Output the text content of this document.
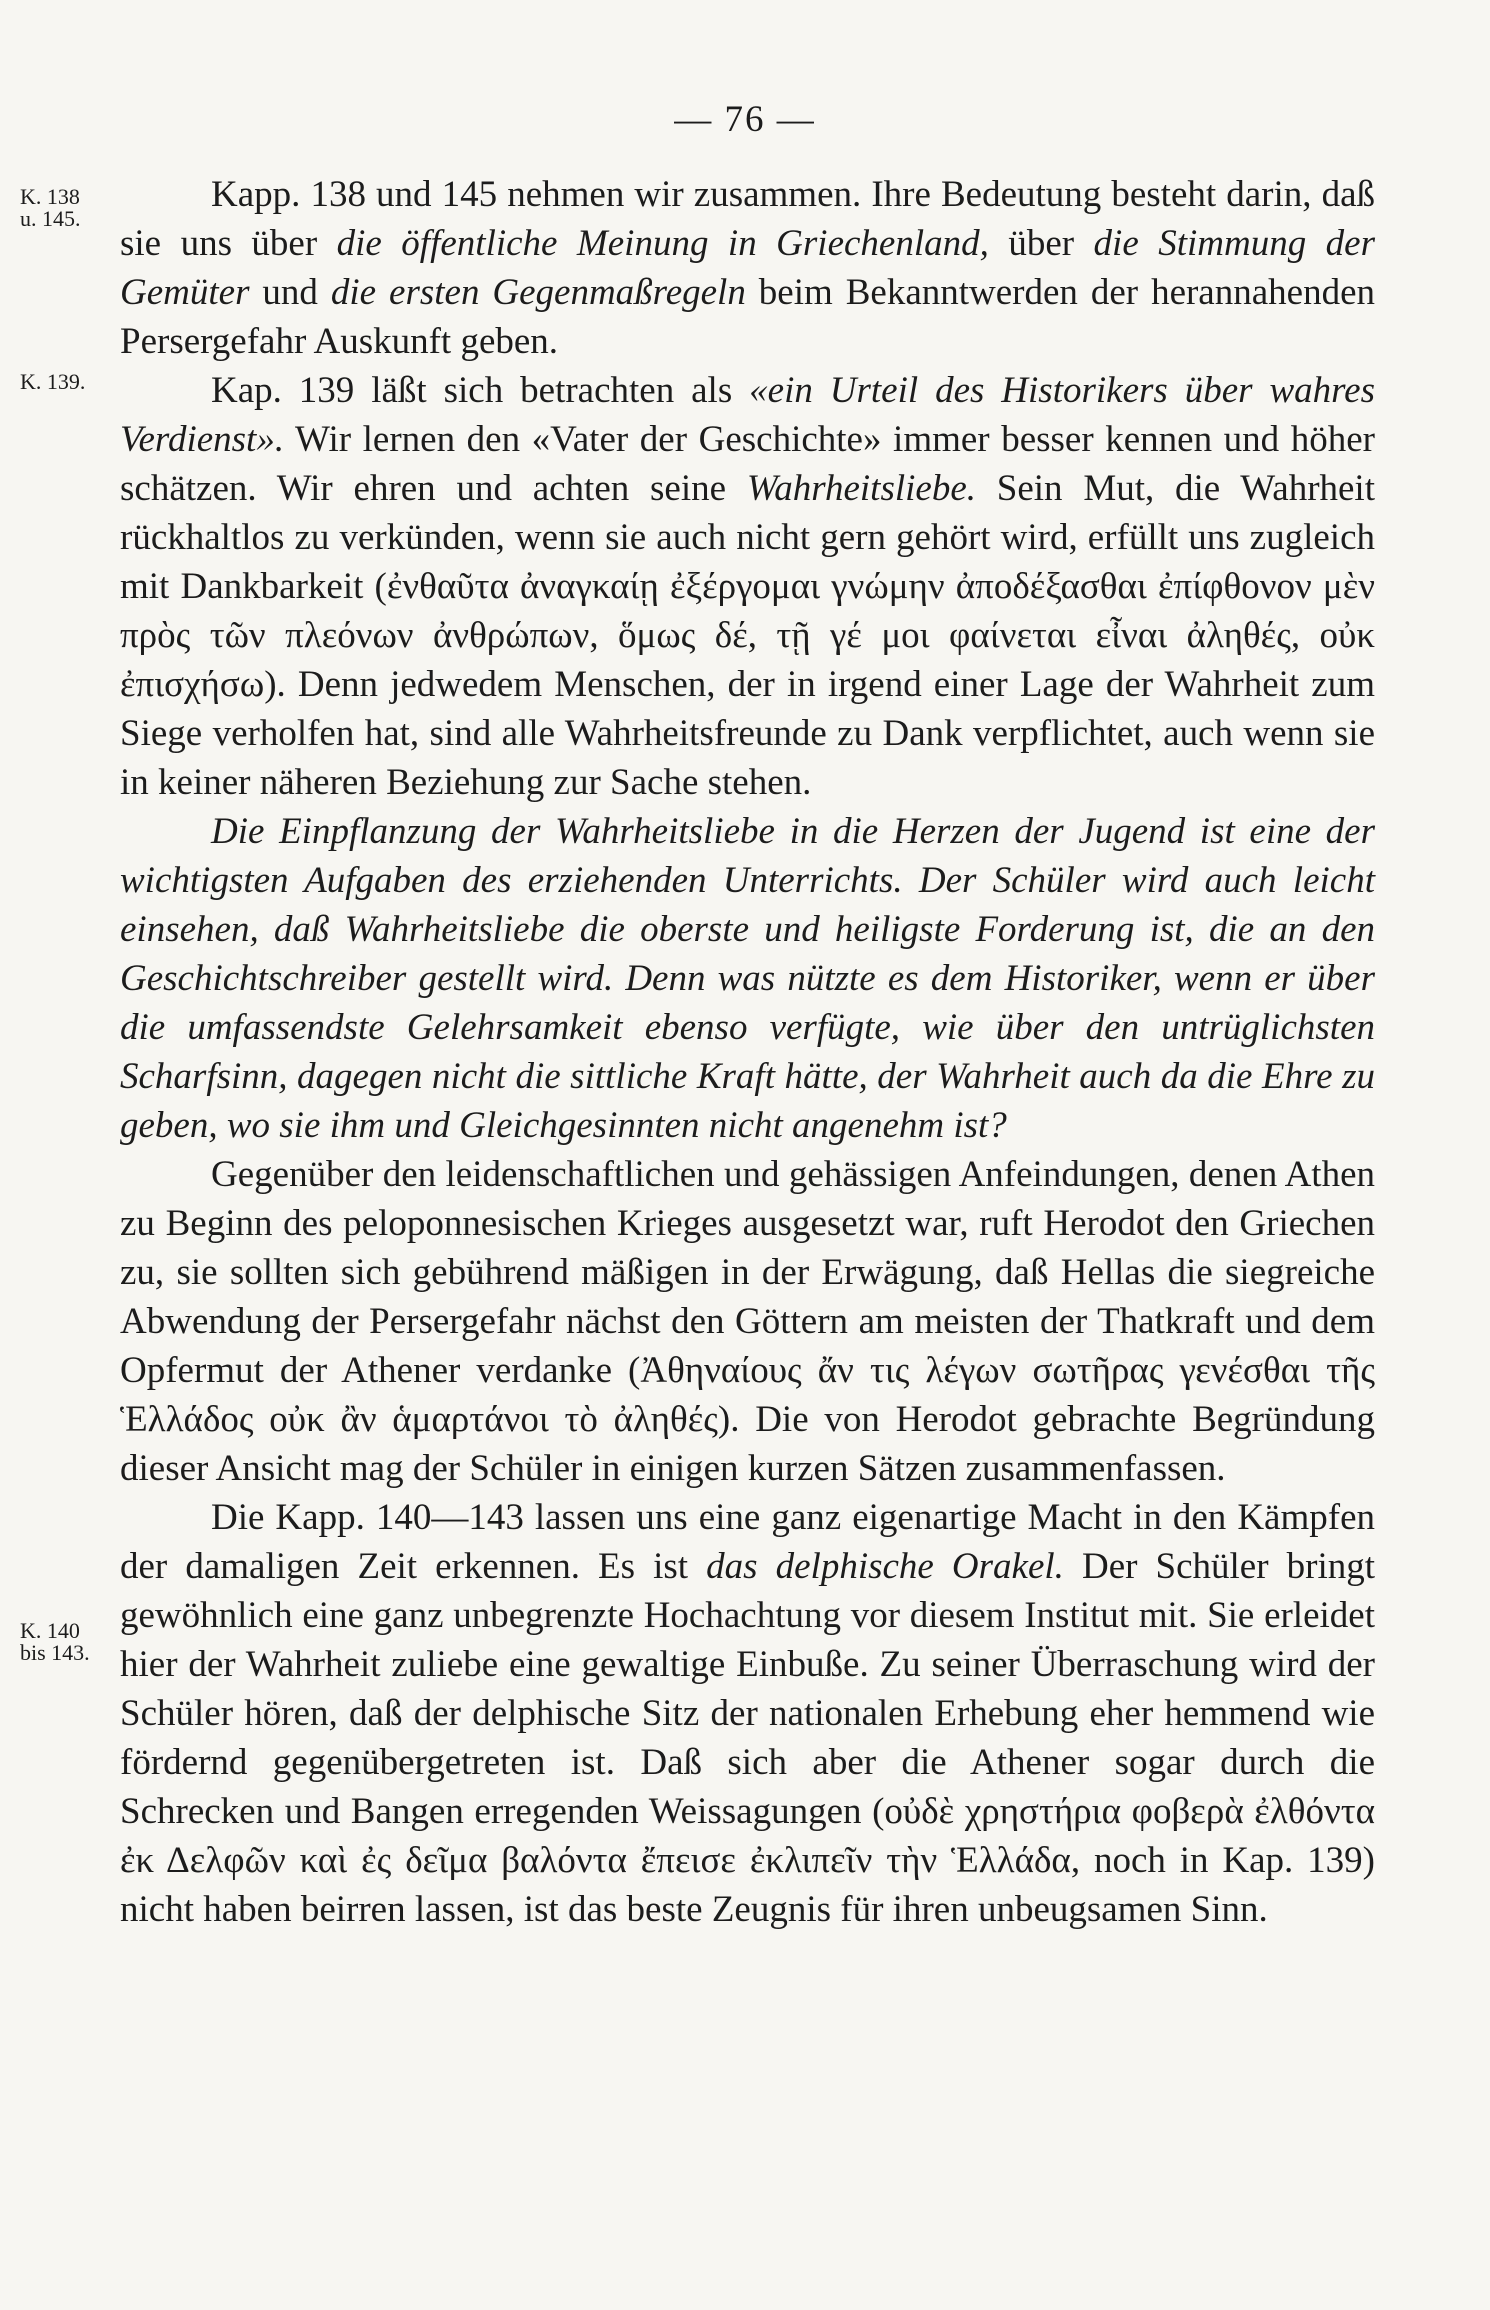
— 76 —
K. 138
u. 145.
K. 139.
K. 140
bis 143.

Kapp. 138 und 145 nehmen wir zusammen. Ihre Bedeutung besteht darin, daß sie uns über die öffentliche Meinung in Griechenland, über die Stimmung der Gemüter und die ersten Gegenmaßregeln beim Bekanntwerden der herannahenden Persergefahr Auskunft geben.

Kap. 139 läßt sich betrachten als «ein Urteil des Historikers über wahres Verdienst». Wir lernen den «Vater der Geschichte» immer besser kennen und höher schätzen. Wir ehren und achten seine Wahrheitsliebe. Sein Mut, die Wahrheit rückhaltlos zu verkünden, wenn sie auch nicht gern gehört wird, erfüllt uns zugleich mit Dankbarkeit (ἐνθαῦτα ἀναγκαίῃ ἐξέργομαι γνώμην ἀποδέξασθαι ἐπίφθονον μὲν πρὸς τῶν πλεόνων ἀνθρώπων, ὅμως δέ, τῇ γέ μοι φαίνεται εἶναι ἀληθές, οὐκ ἐπισχήσω). Denn jedwedem Menschen, der in irgend einer Lage der Wahrheit zum Siege verholfen hat, sind alle Wahrheitsfreunde zu Dank verpflichtet, auch wenn sie in keiner näheren Beziehung zur Sache stehen.

Die Einpflanzung der Wahrheitsliebe in die Herzen der Jugend ist eine der wichtigsten Aufgaben des erziehenden Unterrichts. Der Schüler wird auch leicht einsehen, daß Wahrheitsliebe die oberste und heiligste Forderung ist, die an den Geschichtschreiber gestellt wird. Denn was nützte es dem Historiker, wenn er über die umfassendste Gelehrsamkeit ebenso verfügte, wie über den untrüglichsten Scharfsinn, dagegen nicht die sittliche Kraft hätte, der Wahrheit auch da die Ehre zu geben, wo sie ihm und Gleichgesinnten nicht angenehm ist?

Gegenüber den leidenschaftlichen und gehässigen Anfeindungen, denen Athen zu Beginn des peloponnesischen Krieges ausgesetzt war, ruft Herodot den Griechen zu, sie sollten sich gebührend mäßigen in der Erwägung, daß Hellas die siegreiche Abwendung der Persergefahr nächst den Göttern am meisten der Thatkraft und dem Opfermut der Athener verdanke (Ἀθηναίους ἄν τις λέγων σωτῆρας γενέσθαι τῆς Ἑλλάδος οὐκ ἂν ἁμαρτάνοι τὸ ἀληθές). Die von Herodot gebrachte Begründung dieser Ansicht mag der Schüler in einigen kurzen Sätzen zusammenfassen.

Die Kapp. 140—143 lassen uns eine ganz eigenartige Macht in den Kämpfen der damaligen Zeit erkennen. Es ist das delphische Orakel. Der Schüler bringt gewöhnlich eine ganz unbegrenzte Hochachtung vor diesem Institut mit. Sie erleidet hier der Wahrheit zuliebe eine gewaltige Einbuße. Zu seiner Überraschung wird der Schüler hören, daß der delphische Sitz der nationalen Erhebung eher hemmend wie fördernd gegenübergetreten ist. Daß sich aber die Athener sogar durch die Schrecken und Bangen erregenden Weissagungen (οὐδὲ χρηστήρια φοβερὰ ἐλθόντα ἐκ Δελφῶν καὶ ἐς δεῖμα βαλόντα ἔπεισε ἐκλιπεῖν τὴν Ἑλλάδα, noch in Kap. 139) nicht haben beirren lassen, ist das beste Zeugnis für ihren unbeugsamen Sinn.
